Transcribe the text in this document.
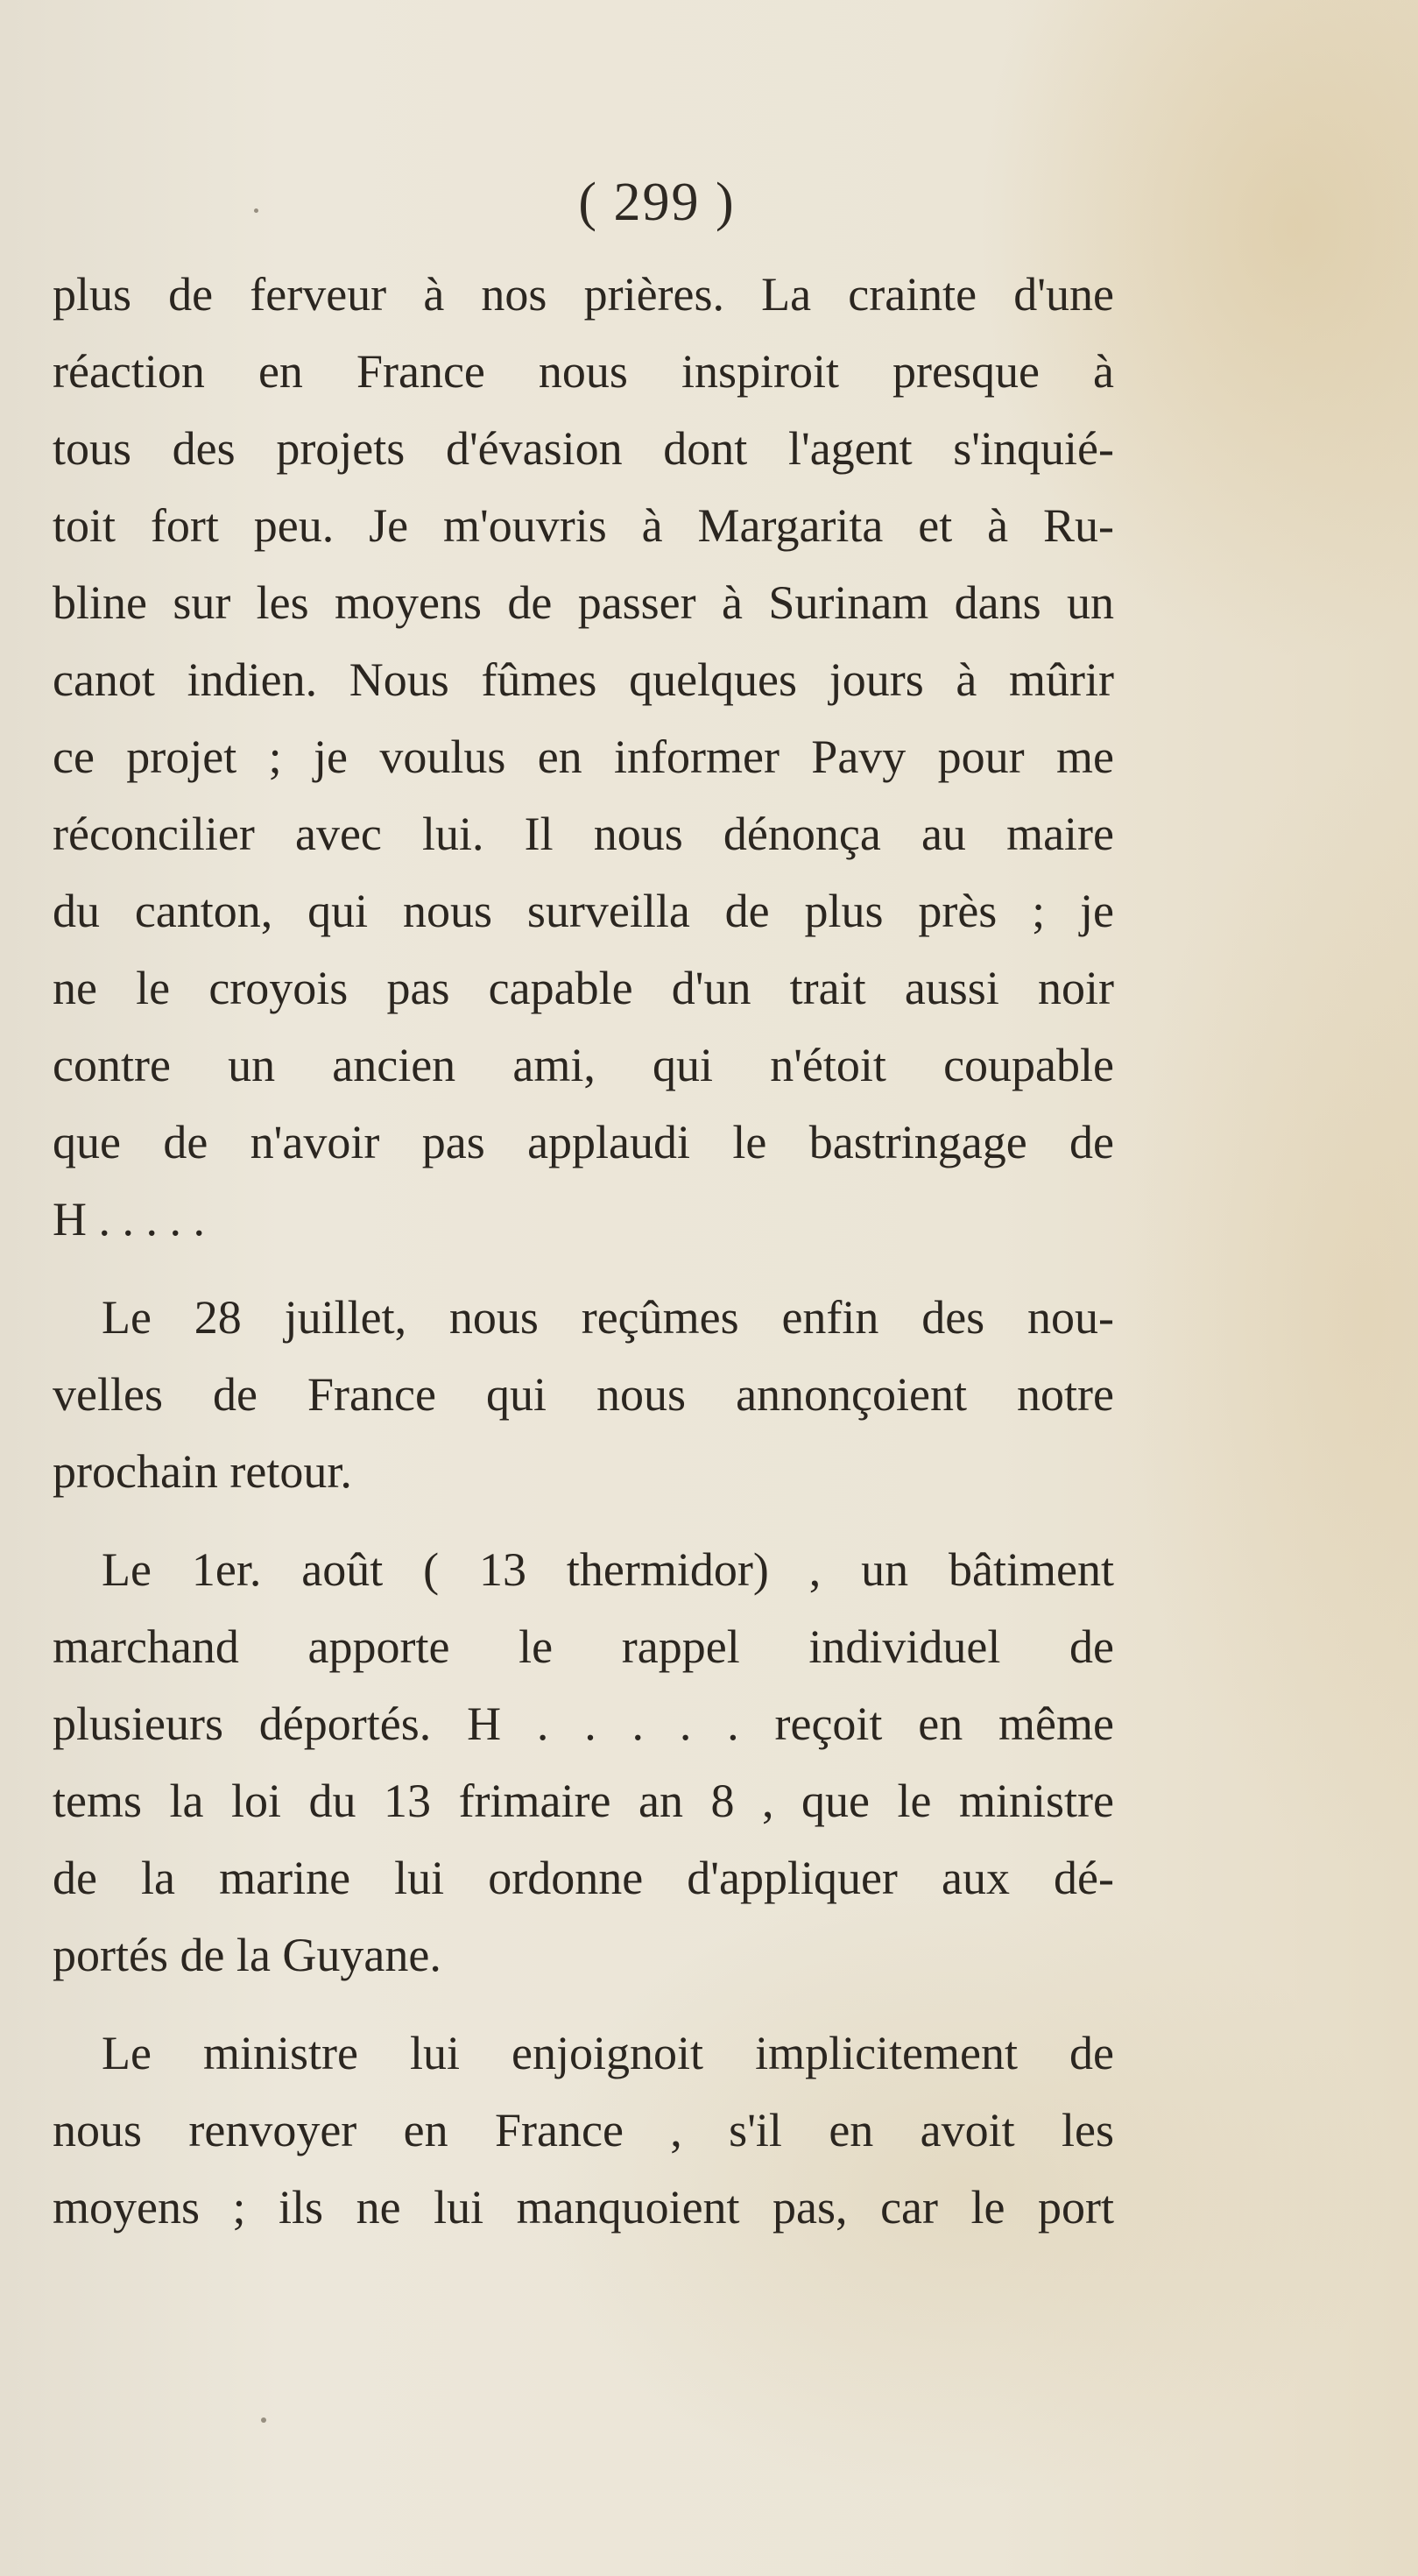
( 299 )
plus de ferveur à nos prières. La crainte d'une
réaction en France nous inspiroit presque à
tous des projets d'évasion dont l'agent s'inquié-
toit fort peu. Je m'ouvris à Margarita et à Ru-
bline sur les moyens de passer à Surinam dans un
canot indien. Nous fûmes quelques jours à mûrir
ce projet ; je voulus en informer Pavy pour me
réconcilier avec lui. Il nous dénonça au maire
du canton, qui nous surveilla de plus près ; je
ne le croyois pas capable d'un trait aussi noir
contre un ancien ami, qui n'étoit coupable
que de n'avoir pas applaudi le bastringage de
H . . . . .
Le 28 juillet, nous reçûmes enfin des nou-
velles de France qui nous annonçoient notre
prochain retour.
Le 1er. août ( 13 thermidor) , un bâtiment
marchand apporte le rappel individuel de
plusieurs déportés. H . . . . . reçoit en même
tems la loi du 13 frimaire an 8 , que le ministre
de la marine lui ordonne d'appliquer aux dé-
portés de la Guyane.
Le ministre lui enjoignoit implicitement de
nous renvoyer en France , s'il en avoit les
moyens ; ils ne lui manquoient pas, car le port
